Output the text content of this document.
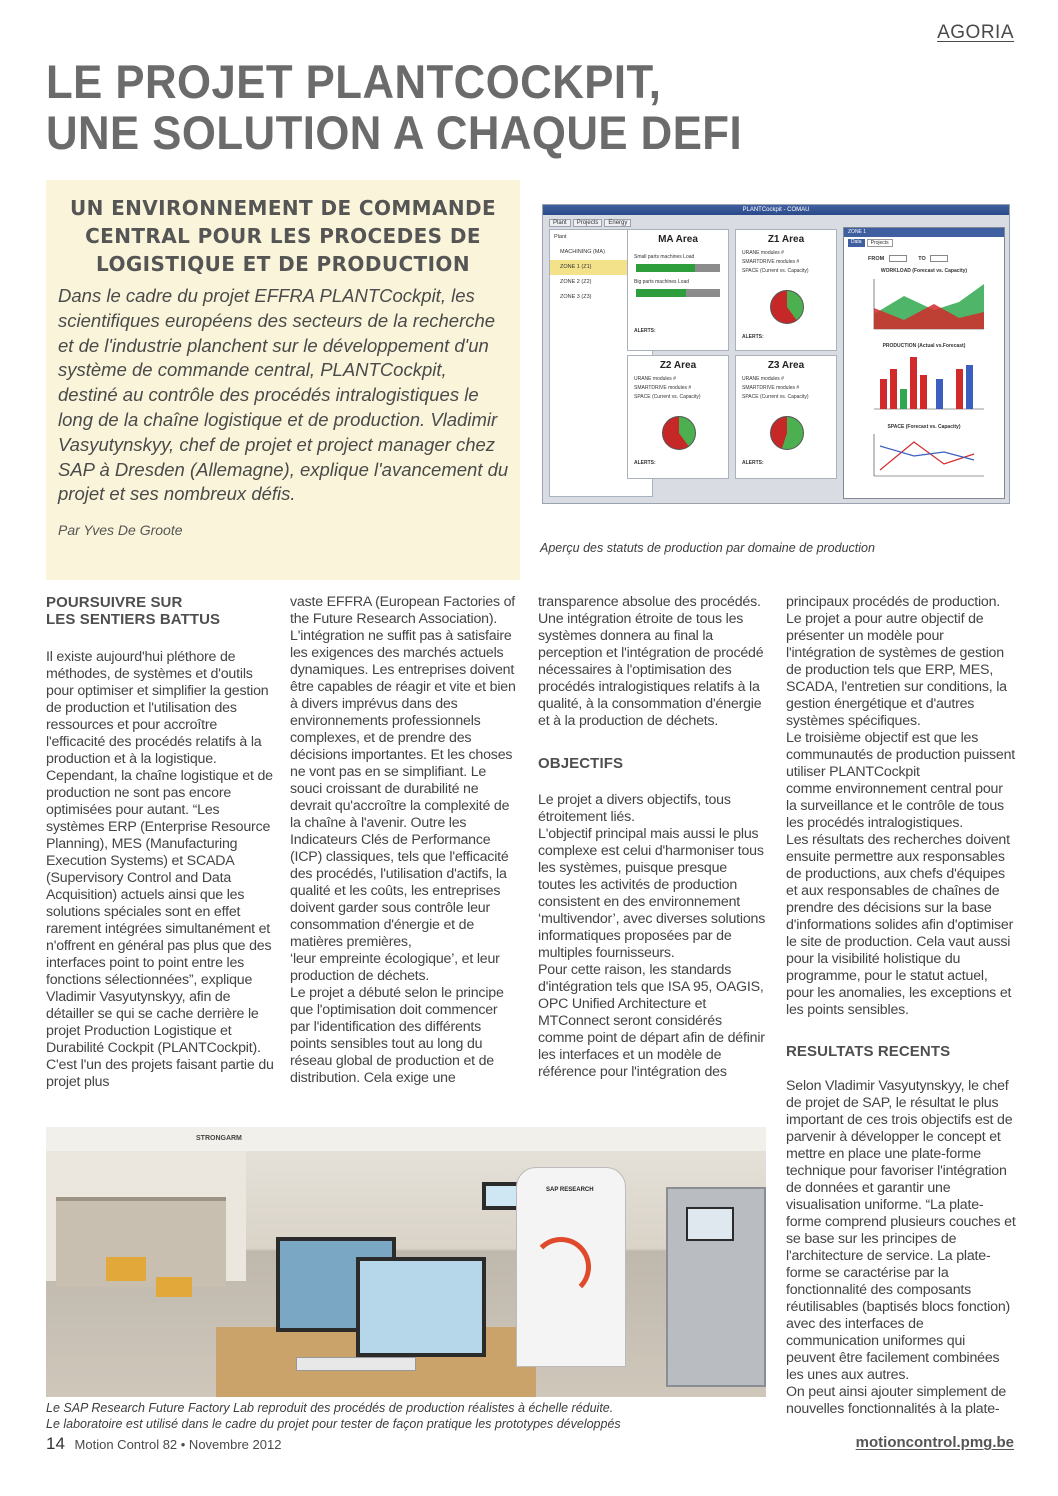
AGORIA
LE PROJET PLANTCOCKPIT,
UNE SOLUTION A CHAQUE DEFI
UN ENVIRONNEMENT DE COMMANDE
CENTRAL POUR LES PROCEDES DE
LOGISTIQUE ET DE PRODUCTION

Dans le cadre du projet EFFRA PLANTCockpit, les scientifiques européens des secteurs de la recherche et de l'industrie planchent sur le développement d'un système de commande central, PLANTCockpit, destiné au contrôle des procédés intralogistiques le long de la chaîne logistique et de production. Vladimir Vasyutynskyy, chef de projet et project manager chez SAP à Dresden (Allemagne), explique l'avancement du projet et ses nombreux défis.

Par Yves De Groote

PLANTCockpit - COMAU
Plant	Projects	Energy
Plant
MACHINING (MA)
ZONE 1 (Z1)
ZONE 2 (Z2)
ZONE 3 (Z3)
MA Area
Small parts machines Load
Big parts machines Load
ALERTS:
Z1 Area
URANE modules #
SMARTDRIVE modules #
SPACE (Current vs. Capacity)
ALERTS:
Z2 Area
URANE modules #
SMARTDRIVE modules #
SPACE (Current vs. Capacity)
ALERTS:
Z3 Area
URANE modules #
SMARTDRIVE modules #
SPACE (Current vs. Capacity)
ALERTS:
ZONE 1
Data	Projects
FROM	TO
WORKLOAD (Forecast vs. Capacity)
PRODUCTION (Actual vs.Forecast)
SPACE (Forecast vs. Capacity)

Aperçu des statuts de production par domaine de production

POURSUIVRE SUR
LES SENTIERS BATTUS

Il existe aujourd'hui pléthore de méthodes, de systèmes et d'outils pour optimiser et simplifier la gestion de production et l'utilisation des ressources et pour accroître l'efficacité des procédés relatifs à la production et à la logistique. Cependant, la chaîne logistique et de production ne sont pas encore optimisées pour autant. “Les systèmes ERP (Enterprise Resource Planning), MES (Manufacturing Execution Systems) et SCADA (Supervisory Control and Data Acquisition) actuels ainsi que les solutions spéciales sont en effet rarement intégrées simultanément et n'offrent en général pas plus que des interfaces point to point entre les fonctions sélectionnées”, explique Vladimir Vasyutynskyy, afin de détailler se qui se cache derrière le projet Production Logistique et Durabilité Cockpit (PLANTCockpit). C'est l'un des projets faisant partie du projet plus

vaste EFFRA (European Factories of the Future Research Association). L'intégration ne suffit pas à satisfaire les exigences des marchés actuels dynamiques. Les entreprises doivent être capables de réagir et vite et bien à divers imprévus dans des environnements professionnels complexes, et de prendre des décisions importantes. Et les choses ne vont pas en se simplifiant. Le souci croissant de durabilité ne devrait qu'accroître la complexité de la chaîne à l'avenir. Outre les Indicateurs Clés de Performance (ICP) classiques, tels que l'efficacité des procédés, l'utilisation d'actifs, la qualité et les coûts, les entreprises doivent garder sous contrôle leur consommation d'énergie et de matières premières,

‘leur empreinte écologique’, et leur production de déchets.

Le projet a débuté selon le principe que l'optimisation doit commencer par l'identification des différents points sensibles tout au long du réseau global de production et de distribution. Cela exige une

transparence absolue des procédés. Une intégration étroite de tous les systèmes donnera au final la perception et l'intégration de procédé nécessaires à l'optimisation des procédés intralogistiques relatifs à la qualité, à la consommation d'énergie et à la production de déchets.

OBJECTIFS

Le projet a divers objectifs, tous étroitement liés.

L'objectif principal mais aussi le plus complexe est celui d'harmoniser tous les systèmes, puisque presque toutes les activités de production consistent en des environnement ‘multivendor’, avec diverses solutions informatiques proposées par de multiples fournisseurs.

Pour cette raison, les standards d'intégration tels que ISA 95, OAGIS, OPC Unified Architecture et MTConnect seront considérés comme point de départ afin de définir les interfaces et un modèle de référence pour l'intégration des

principaux procédés de production.

Le projet a pour autre objectif de présenter un modèle pour l'intégration de systèmes de gestion de production tels que ERP, MES, SCADA, l'entretien sur conditions, la gestion énergétique et d'autres systèmes spécifiques.

Le troisième objectif est que les communautés de production puissent utiliser PLANTCockpit

comme environnement central pour la surveillance et le contrôle de tous les procédés intralogistiques.

Les résultats des recherches doivent ensuite permettre aux responsables de productions, aux chefs d'équipes et aux responsables de chaînes de prendre des décisions sur la base d'informations solides afin d'optimiser le site de production. Cela vaut aussi pour la visibilité holistique du programme, pour le statut actuel, pour les anomalies, les exceptions et les points sensibles.

RESULTATS RECENTS

Selon Vladimir Vasyutynskyy, le chef de projet de SAP, le résultat le plus important de ces trois objectifs est de parvenir à développer le concept et mettre en place une plate-forme technique pour favoriser l'intégration de données et garantir une visualisation uniforme. “La plate-forme comprend plusieurs couches et se base sur les principes de l'architecture de service. La plate-forme se caractérise par la fonctionnalité des composants réutilisables (baptisés blocs fonction) avec des interfaces de communication uniformes qui peuvent être facilement combinées les unes aux autres.

On peut ainsi ajouter simplement de nouvelles fonctionnalités à la plate-

STRONGARM
SAP RESEARCH
Le SAP Research Future Factory Lab reproduit des procédés de production réalistes à échelle réduite.
Le laboratoire est utilisé dans le cadre du projet pour tester de façon pratique les prototypes développés
14 Motion Control 82 • Novembre 2012	motioncontrol.pmg.be
